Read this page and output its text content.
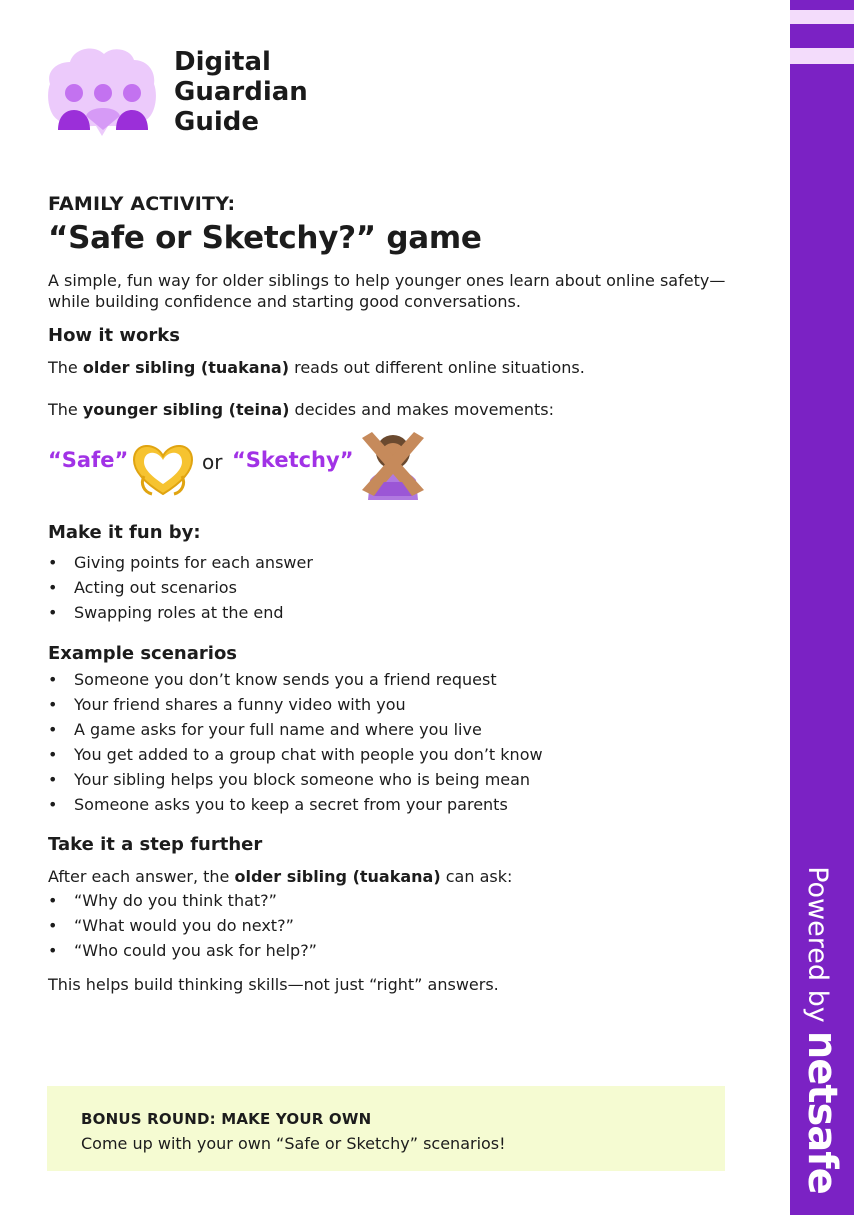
Powered bynetsafe
Digital
Guardian
Guide
FAMILY ACTIVITY:
“Safe or Sketchy?” game
A simple, fun way for older siblings to help younger ones learn about online safety—while building confidence and starting good conversations.
How it works
The older sibling (tuakana) reads out different online situations.
The younger sibling (teina) decides and makes movements:
“Safe”	or “Sketchy”
Make it fun by:
• Giving points for each answer
• Acting out scenarios
• Swapping roles at the end
Example scenarios
• Someone you don’t know sends you a friend request
• Your friend shares a funny video with you
• A game asks for your full name and where you live
• You get added to a group chat with people you don’t know
• Your sibling helps you block someone who is being mean
• Someone asks you to keep a secret from your parents
Take it a step further
After each answer, the older sibling (tuakana) can ask:
• “Why do you think that?”
• “What would you do next?”
• “Who could you ask for help?”
This helps build thinking skills—not just “right” answers.
BONUS ROUND: MAKE YOUR OWN
Come up with your own “Safe or Sketchy” scenarios!
